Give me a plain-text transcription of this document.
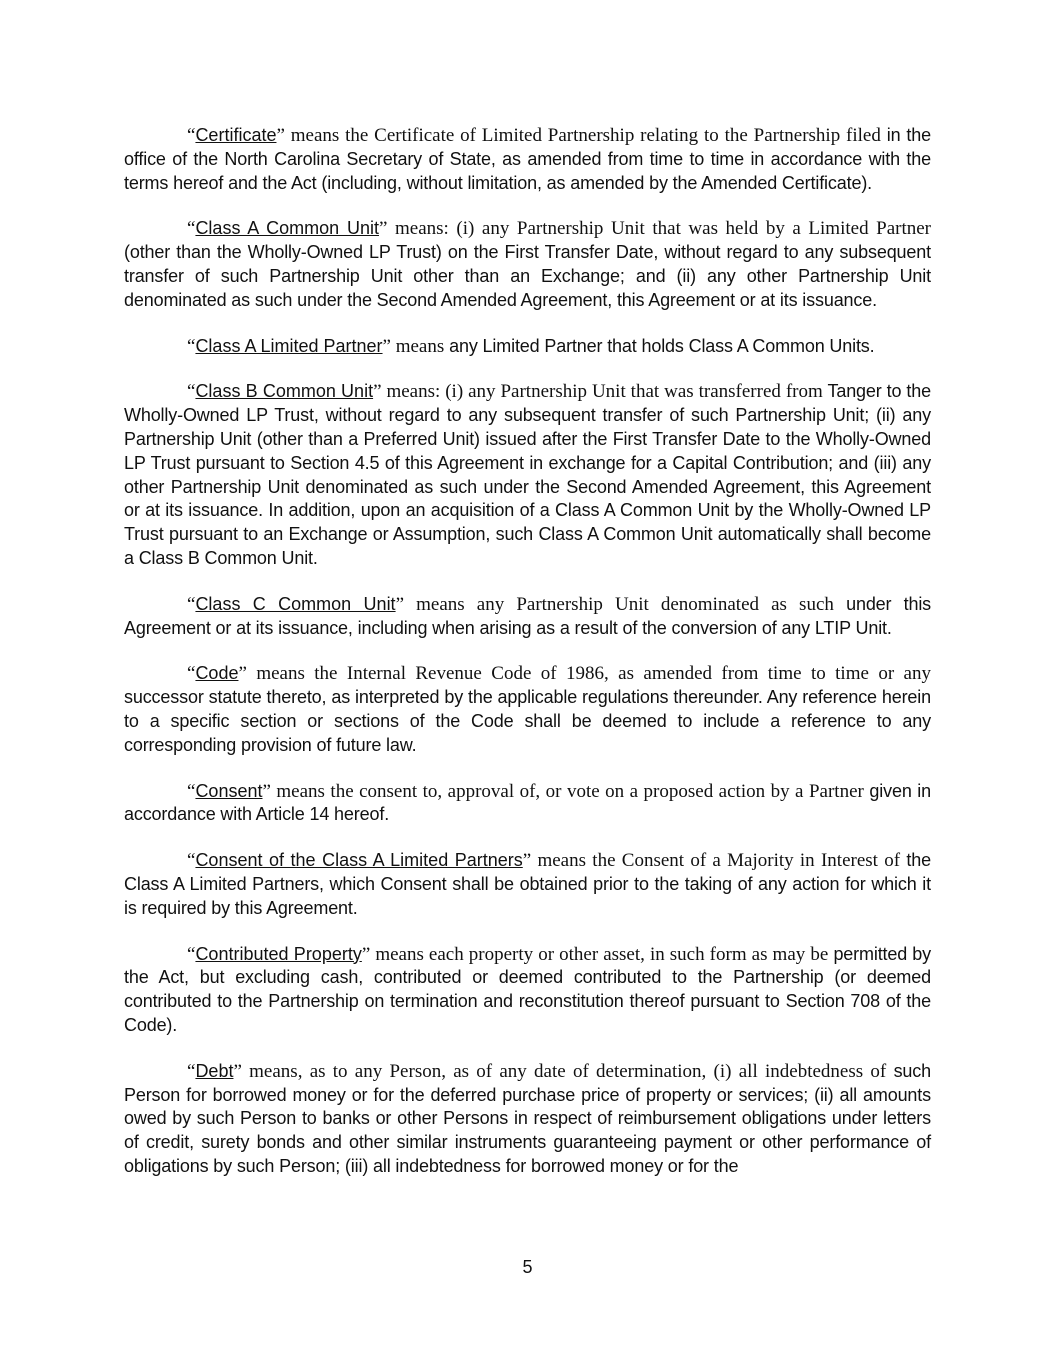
“Certificate” means the Certificate of Limited Partnership relating to the Partnership filed in the office of the North Carolina Secretary of State, as amended from time to time in accordance with the terms hereof and the Act (including, without limitation, as amended by the Amended Certificate).

“Class A Common Unit” means: (i) any Partnership Unit that was held by a Limited Partner (other than the Wholly-Owned LP Trust) on the First Transfer Date, without regard to any subsequent transfer of such Partnership Unit other than an Exchange; and (ii) any other Partnership Unit denominated as such under the Second Amended Agreement, this Agreement or at its issuance.

“Class A Limited Partner” means any Limited Partner that holds Class A Common Units.

“Class B Common Unit” means: (i) any Partnership Unit that was transferred from Tanger to the Wholly-Owned LP Trust, without regard to any subsequent transfer of such Partnership Unit; (ii) any Partnership Unit (other than a Preferred Unit) issued after the First Transfer Date to the Wholly-Owned LP Trust pursuant to Section 4.5 of this Agreement in exchange for a Capital Contribution; and (iii) any other Partnership Unit denominated as such under the Second Amended Agreement, this Agreement or at its issuance. In addition, upon an acquisition of a Class A Common Unit by the Wholly-Owned LP Trust pursuant to an Exchange or Assumption, such Class A Common Unit automatically shall become a Class B Common Unit.

“Class C Common Unit” means any Partnership Unit denominated as such under this Agreement or at its issuance, including when arising as a result of the conversion of any LTIP Unit.

“Code” means the Internal Revenue Code of 1986, as amended from time to time or any successor statute thereto, as interpreted by the applicable regulations thereunder. Any reference herein to a specific section or sections of the Code shall be deemed to include a reference to any corresponding provision of future law.

“Consent” means the consent to, approval of, or vote on a proposed action by a Partner given in accordance with Article 14 hereof.

“Consent of the Class A Limited Partners” means the Consent of a Majority in Interest of the Class A Limited Partners, which Consent shall be obtained prior to the taking of any action for which it is required by this Agreement.

“Contributed Property” means each property or other asset, in such form as may be permitted by the Act, but excluding cash, contributed or deemed contributed to the Partnership (or deemed contributed to the Partnership on termination and reconstitution thereof pursuant to Section 708 of the Code).

“Debt” means, as to any Person, as of any date of determination, (i) all indebtedness of such Person for borrowed money or for the deferred purchase price of property or services; (ii) all amounts owed by such Person to banks or other Persons in respect of reimbursement obligations under letters of credit, surety bonds and other similar instruments guaranteeing payment or other performance of obligations by such Person; (iii) all indebtedness for borrowed money or for the

5
